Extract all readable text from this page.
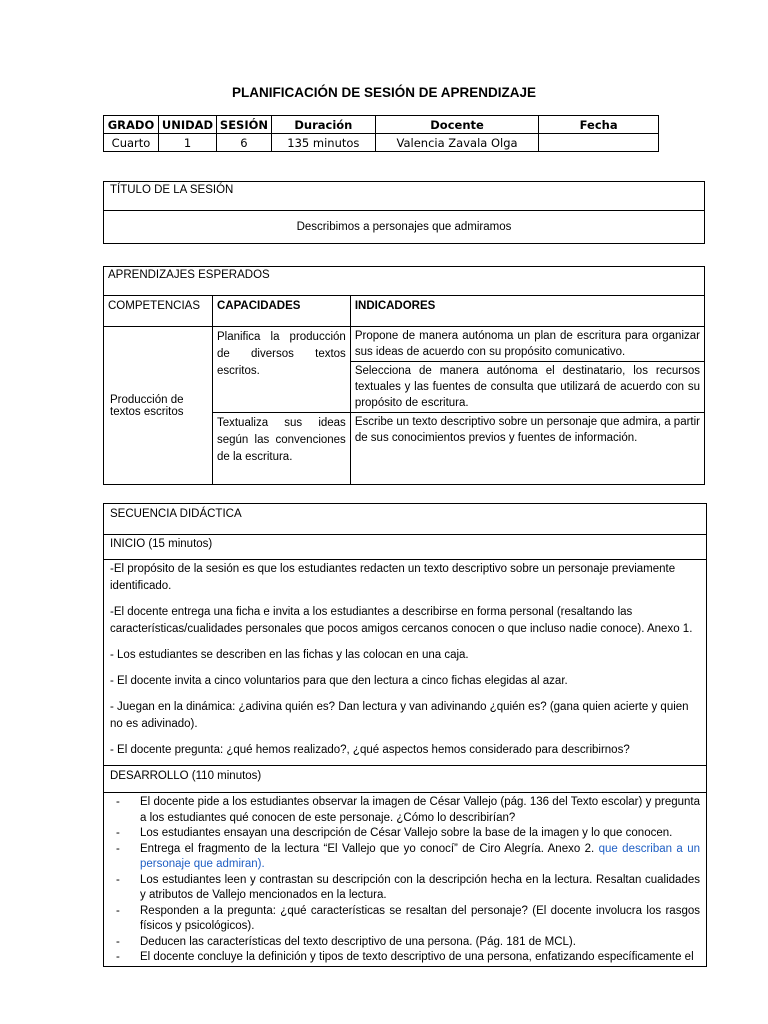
PLANIFICACIÓN DE SESIÓN DE APRENDIZAJE
GRADO	UNIDAD	SESIÓN	Duración	Docente	Fecha
Cuarto	1	6	135 minutos	Valencia Zavala Olga	
TÍTULO DE LA SESIÓN
Describimos a personajes que admiramos
APRENDIZAJES ESPERADOS		
COMPETENCIAS	CAPACIDADES	INDICADORES
Producción de textos escritos	Planifica la producción de diversos textos escritos.	Propone de manera autónoma un plan de escritura para organizar sus ideas de acuerdo con su propósito comunicativo.
		Selecciona de manera autónoma el destinatario, los recursos textuales y las fuentes de consulta que utilizará de acuerdo con su propósito de escritura.
	Textualiza sus ideas según las convenciones de la escritura.	Escribe un texto descriptivo sobre un personaje que admira, a partir de sus conocimientos previos y fuentes de información.
SECUENCIA DIDÁCTICA
INICIO (15 minutos)

-El propósito de la sesión es que los estudiantes redacten un texto descriptivo sobre un personaje previamente identificado.

-El docente entrega una ficha e invita a los estudiantes a describirse en forma personal (resaltando las características/cualidades personales que pocos amigos cercanos conocen o que incluso nadie conoce). Anexo 1.

- Los estudiantes se describen en las fichas y las colocan en una caja.

- El docente invita a cinco voluntarios para que den lectura a cinco fichas elegidas al azar.

- Juegan en la dinámica: ¿adivina quién es? Dan lectura y van adivinando ¿quién es? (gana quien acierte y quien no es adivinado).

- El docente pregunta: ¿qué hemos realizado?, ¿qué aspectos hemos considerado para describirnos?

DESARROLLO (110 minutos)

- El docente pide a los estudiantes observar la imagen de César Vallejo (pág. 136 del Texto escolar) y pregunta a los estudiantes qué conocen de este personaje. ¿Cómo lo describirían?
- Los estudiantes ensayan una descripción de César Vallejo sobre la base de la imagen y lo que conocen.
- Entrega el fragmento de la lectura “El Vallejo que yo conocí” de Ciro Alegría. Anexo 2. que describan a un personaje que admiran).
- Los estudiantes leen y contrastan su descripción con la descripción hecha en la lectura. Resaltan cualidades y atributos de Vallejo mencionados en la lectura.
- Responden a la pregunta: ¿qué características se resaltan del personaje? (El docente involucra los rasgos físicos y psicológicos).
- Deducen las características del texto descriptivo de una persona. (Pág. 181 de MCL).
- El docente concluye la definición y tipos de texto descriptivo de una persona, enfatizando específicamente el
